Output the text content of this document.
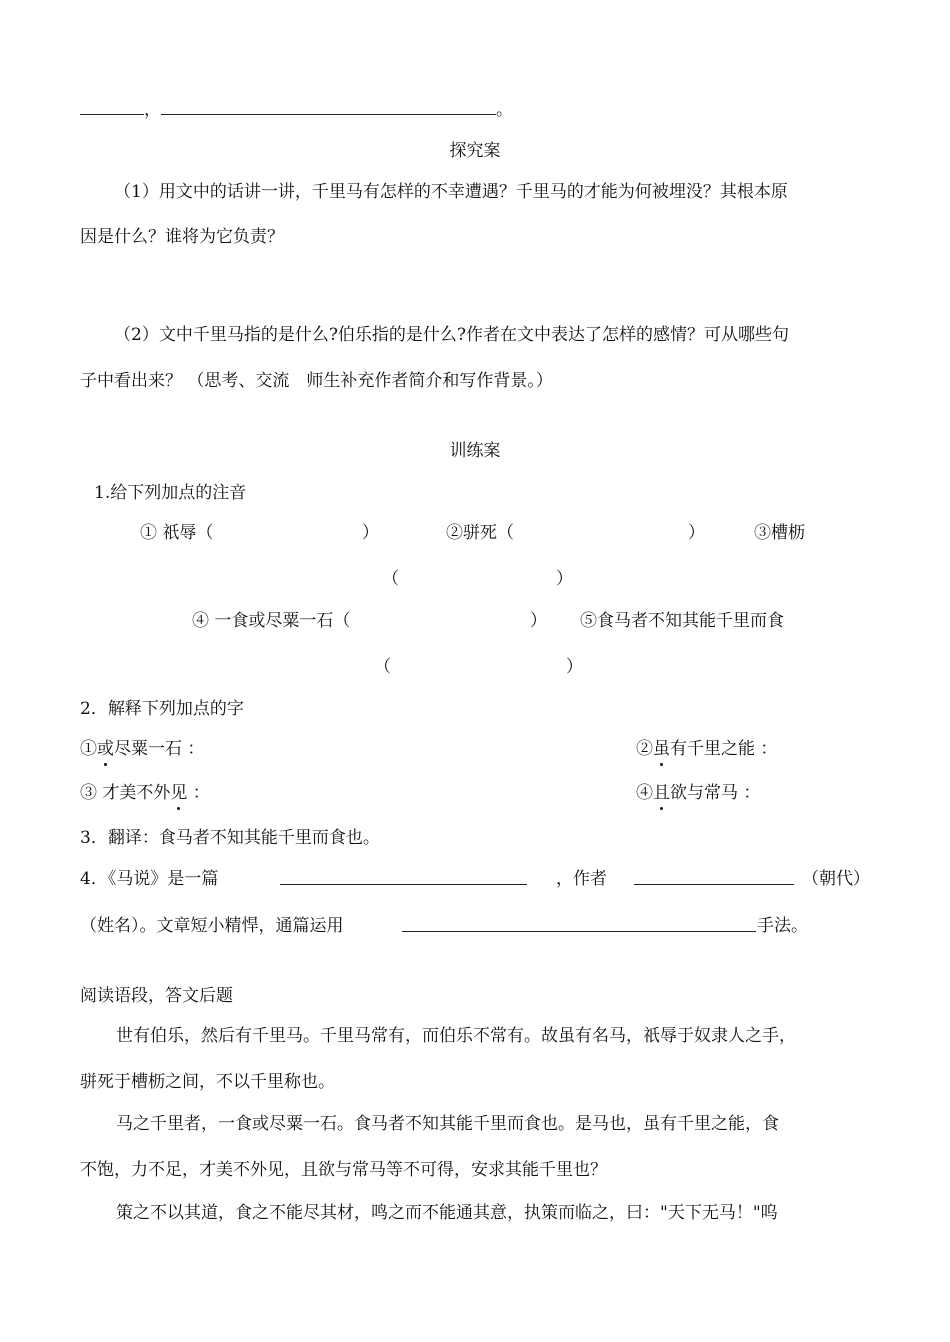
，	。
探究案
（1）用文中的话讲一讲，千里马有怎样的不幸遭遇？千里马的才能为何被埋没？其根本原
因是什么？谁将为它负责？
（2）文中千里马指的是什么?伯乐指的是什么?作者在文中表达了怎样的感情？可从哪些句
子中看出来？ （思考、交流　师生补充作者简介和写作背景。）
训练案
1.给下列加点的注音
① 祇辱（	）	②骈死（	）	③槽枥
（	）
④ 一食或尽粟一石（	） ⑤食马者不知其能千里而食
（	）
2．解释下列加点的字
①或尽粟一石 ：	②虽有千里之能 ：
③ 才美不外见 ：	④且欲与常马 ：
3．翻译：食马者不知其能千里而食也。
4．《马说》是一篇	，作者	（朝代）
（姓名）。文章短小精悍，通篇运用	手法。
阅读语段，答文后题
世有伯乐，然后有千里马。千里马常有，而伯乐不常有。故虽有名马，祇辱于奴隶人之手，
骈死于槽枥之间，不以千里称也。
马之千里者，一食或尽粟一石。食马者不知其能千里而食也。是马也，虽有千里之能，食
不饱，力不足，才美不外见，且欲与常马等不可得，安求其能千里也？
策之不以其道，食之不能尽其材，鸣之而不能通其意，执策而临之，曰："天下无马！"呜
